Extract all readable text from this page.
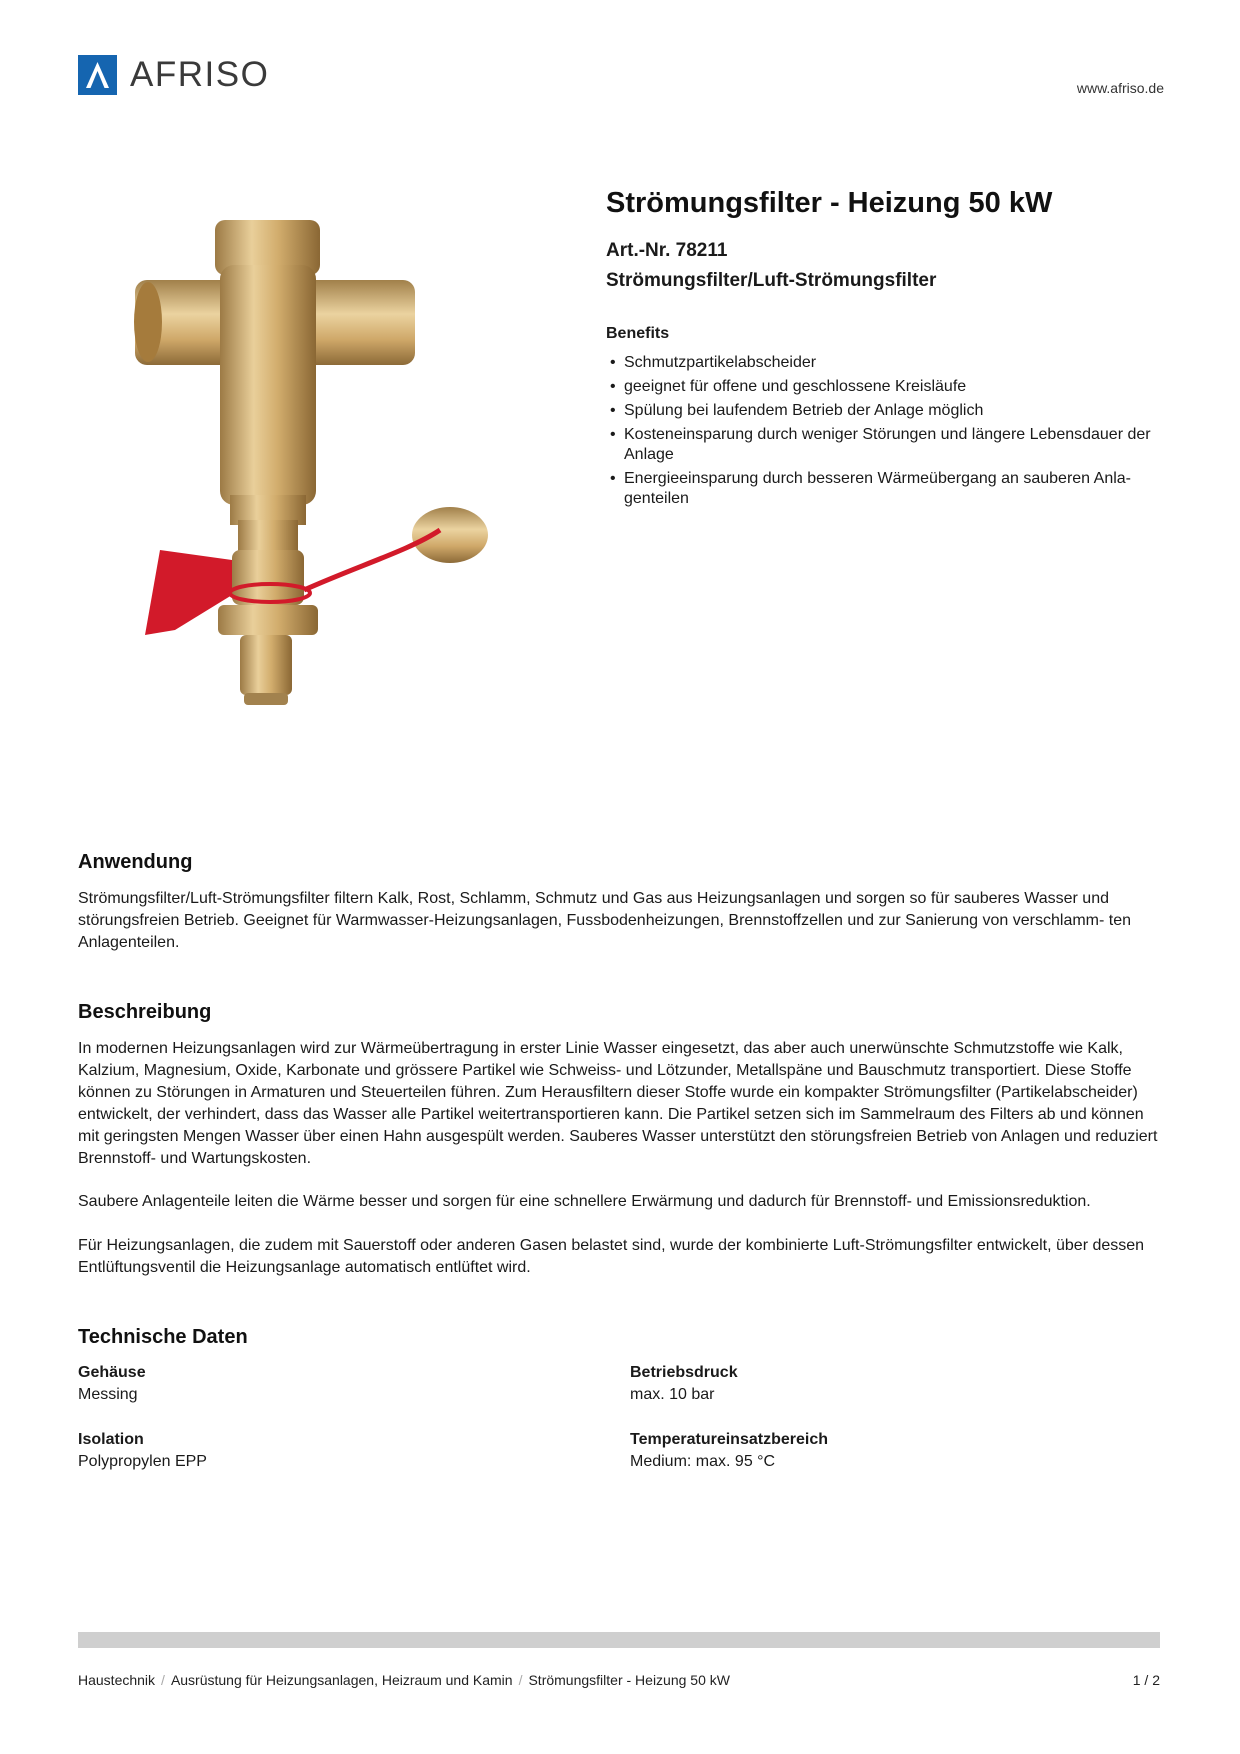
AFRISO	www.afriso.de
Strömungsfilter - Heizung 50 kW
Art.-Nr. 78211
Strömungsfilter/Luft-Strömungsfilter
Benefits
• Schmutzpartikelabscheider
• geeignet für offene und geschlossene Kreisläufe
• Spülung bei laufendem Betrieb der Anlage möglich
• Kosteneinsparung durch weniger Störungen und längere Lebensdauer der Anlage
• Energieeinsparung durch besseren Wärmeübergang an sauberen Anla- genteilen
Anwendung

Strömungsfilter/Luft-Strömungsfilter filtern Kalk, Rost, Schlamm, Schmutz und Gas aus Heizungsanlagen und sorgen so für sauberes Wasser und störungsfreien Betrieb. Geeignet für Warmwasser-Heizungsanlagen, Fussbodenheizungen, Brennstoffzellen und zur Sanierung von verschlamm- ten Anlagenteilen.

Beschreibung

In modernen Heizungsanlagen wird zur Wärmeübertragung in erster Linie Wasser eingesetzt, das aber auch unerwünschte Schmutzstoffe wie Kalk, Kalzium, Magnesium, Oxide, Karbonate und grössere Partikel wie Schweiss- und Lötzunder, Metallspäne und Bauschmutz transportiert. Diese Stoffe können zu Störungen in Armaturen und Steuerteilen führen. Zum Herausfiltern dieser Stoffe wurde ein kompakter Strömungsfilter (Partikelabscheider) entwickelt, der verhindert, dass das Wasser alle Partikel weitertransportieren kann. Die Partikel setzen sich im Sammelraum des Filters ab und können mit geringsten Mengen Wasser über einen Hahn ausgespült werden. Sauberes Wasser unterstützt den störungsfreien Betrieb von Anlagen und reduziert Brennstoff- und Wartungskosten.

Saubere Anlagenteile leiten die Wärme besser und sorgen für eine schnellere Erwärmung und dadurch für Brennstoff- und Emissionsreduktion.

Für Heizungsanlagen, die zudem mit Sauerstoff oder anderen Gasen belastet sind, wurde der kombinierte Luft-Strömungsfilter entwickelt, über dessen Entlüftungsventil die Heizungsanlage automatisch entlüftet wird.

Technische Daten
Gehäuse
Messing
Isolation
Polypropylen EPP
Betriebsdruck
max. 10 bar
Temperatureinsatzbereich
Medium: max. 95 °C
Haustechnik / Ausrüstung für Heizungsanlagen, Heizraum und Kamin / Strömungsfilter - Heizung 50 kW	1 / 2
